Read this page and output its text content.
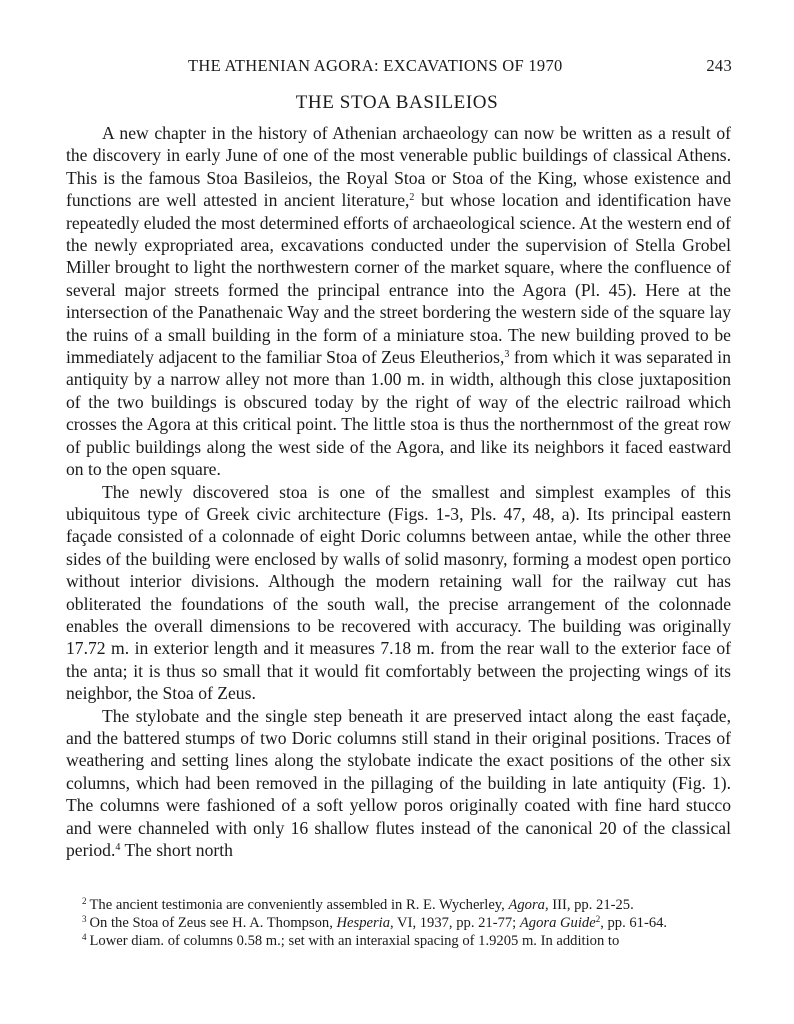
THE ATHENIAN AGORA: EXCAVATIONS OF 1970	243
THE STOA BASILEIOS

A new chapter in the history of Athenian archaeology can now be written as a result of the discovery in early June of one of the most venerable public buildings of classical Athens. This is the famous Stoa Basileios, the Royal Stoa or Stoa of the King, whose existence and functions are well attested in ancient literature,$^2$ but whose location and identification have repeatedly eluded the most determined efforts of archaeological science. At the western end of the newly expropriated area, excavations conducted under the supervision of Stella Grobel Miller brought to light the northwestern corner of the market square, where the confluence of several major streets formed the principal entrance into the Agora (Pl. 45). Here at the intersection of the Panathenaic Way and the street bordering the western side of the square lay the ruins of a small building in the form of a miniature stoa. The new building proved to be immediately adjacent to the familiar Stoa of Zeus Eleutherios,$^3$ from which it was separated in antiquity by a narrow alley not more than 1.00 m. in width, although this close juxtaposition of the two buildings is obscured today by the right of way of the electric railroad which crosses the Agora at this critical point. The little stoa is thus the northernmost of the great row of public buildings along the west side of the Agora, and like its neighbors it faced eastward on to the open square.

The newly discovered stoa is one of the smallest and simplest examples of this ubiquitous type of Greek civic architecture (Figs. 1-3, Pls. 47, 48, a). Its principal eastern façade consisted of a colonnade of eight Doric columns between antae, while the other three sides of the building were enclosed by walls of solid masonry, forming a modest open portico without interior divisions. Although the modern retaining wall for the railway cut has obliterated the foundations of the south wall, the precise arrangement of the colonnade enables the overall dimensions to be recovered with accuracy. The building was originally 17.72 m. in exterior length and it measures 7.18 m. from the rear wall to the exterior face of the anta; it is thus so small that it would fit comfortably between the projecting wings of its neighbor, the Stoa of Zeus.

The stylobate and the single step beneath it are preserved intact along the east façade, and the battered stumps of two Doric columns still stand in their original positions. Traces of weathering and setting lines along the stylobate indicate the exact positions of the other six columns, which had been removed in the pillaging of the building in late antiquity (Fig. 1). The columns were fashioned of a soft yellow poros originally coated with fine hard stucco and were channeled with only 16 shallow flutes instead of the canonical 20 of the classical period.$^4$ The short north

$^2$ The ancient testimonia are conveniently assembled in R. E. Wycherley, Agora, III, pp. 21-25.

$^3$ On the Stoa of Zeus see H. A. Thompson, Hesperia, VI, 1937, pp. 21-77; Agora Guide$^2$, pp. 61-64.

$^4$ Lower diam. of columns 0.58 m.; set with an interaxial spacing of 1.9205 m. In addition to
